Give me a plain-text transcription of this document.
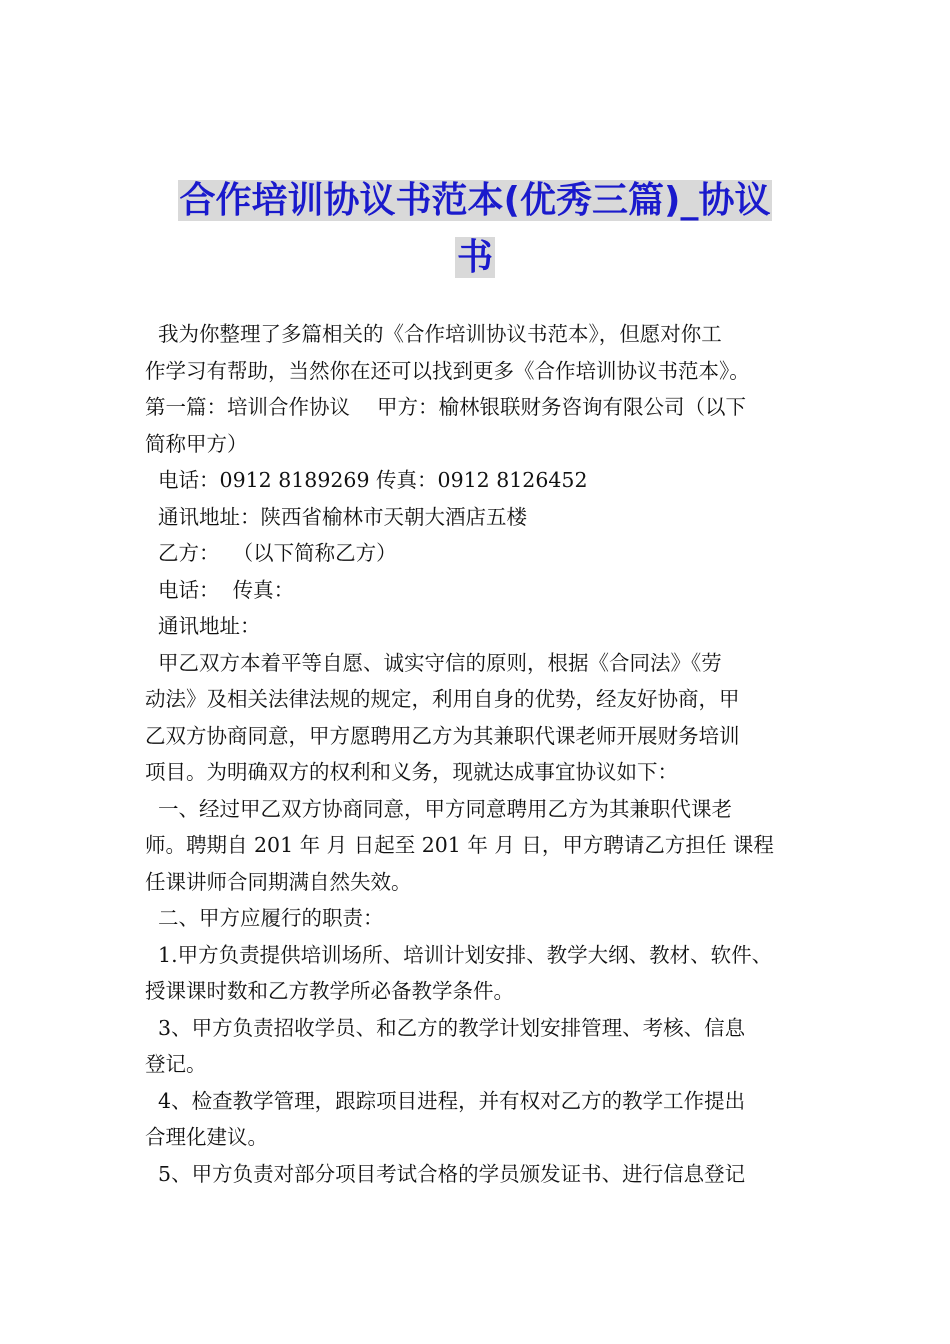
合作培训协议书范本(优秀三篇)_协议
书
我为你整理了多篇相关的《合作培训协议书范本》，但愿对你工
作学习有帮助，当然你在还可以找到更多《合作培训协议书范本》。
第一篇：培训合作协议　 甲方：榆林银联财务咨询有限公司（以下
简称甲方）
电话：0912 8189269 传真：0912 8126452
通讯地址：陕西省榆林市天朝大酒店五楼
乙方：  （以下简称乙方）
电话：  传真：
通讯地址：
甲乙双方本着平等自愿、诚实守信的原则，根据《合同法》《劳
动法》及相关法律法规的规定，利用自身的优势，经友好协商，甲
乙双方协商同意，甲方愿聘用乙方为其兼职代课老师开展财务培训
项目。为明确双方的权利和义务，现就达成事宜协议如下：
一、经过甲乙双方协商同意，甲方同意聘用乙方为其兼职代课老
师。聘期自 201 年 月 日起至 201 年 月 日，甲方聘请乙方担任 课程
任课讲师合同期满自然失效。
二、甲方应履行的职责：
1.甲方负责提供培训场所、培训计划安排、教学大纲、教材、软件、
授课课时数和乙方教学所必备教学条件。
3、甲方负责招收学员、和乙方的教学计划安排管理、考核、信息
登记。
4、检查教学管理，跟踪项目进程，并有权对乙方的教学工作提出
合理化建议。
5、甲方负责对部分项目考试合格的学员颁发证书、进行信息登记
